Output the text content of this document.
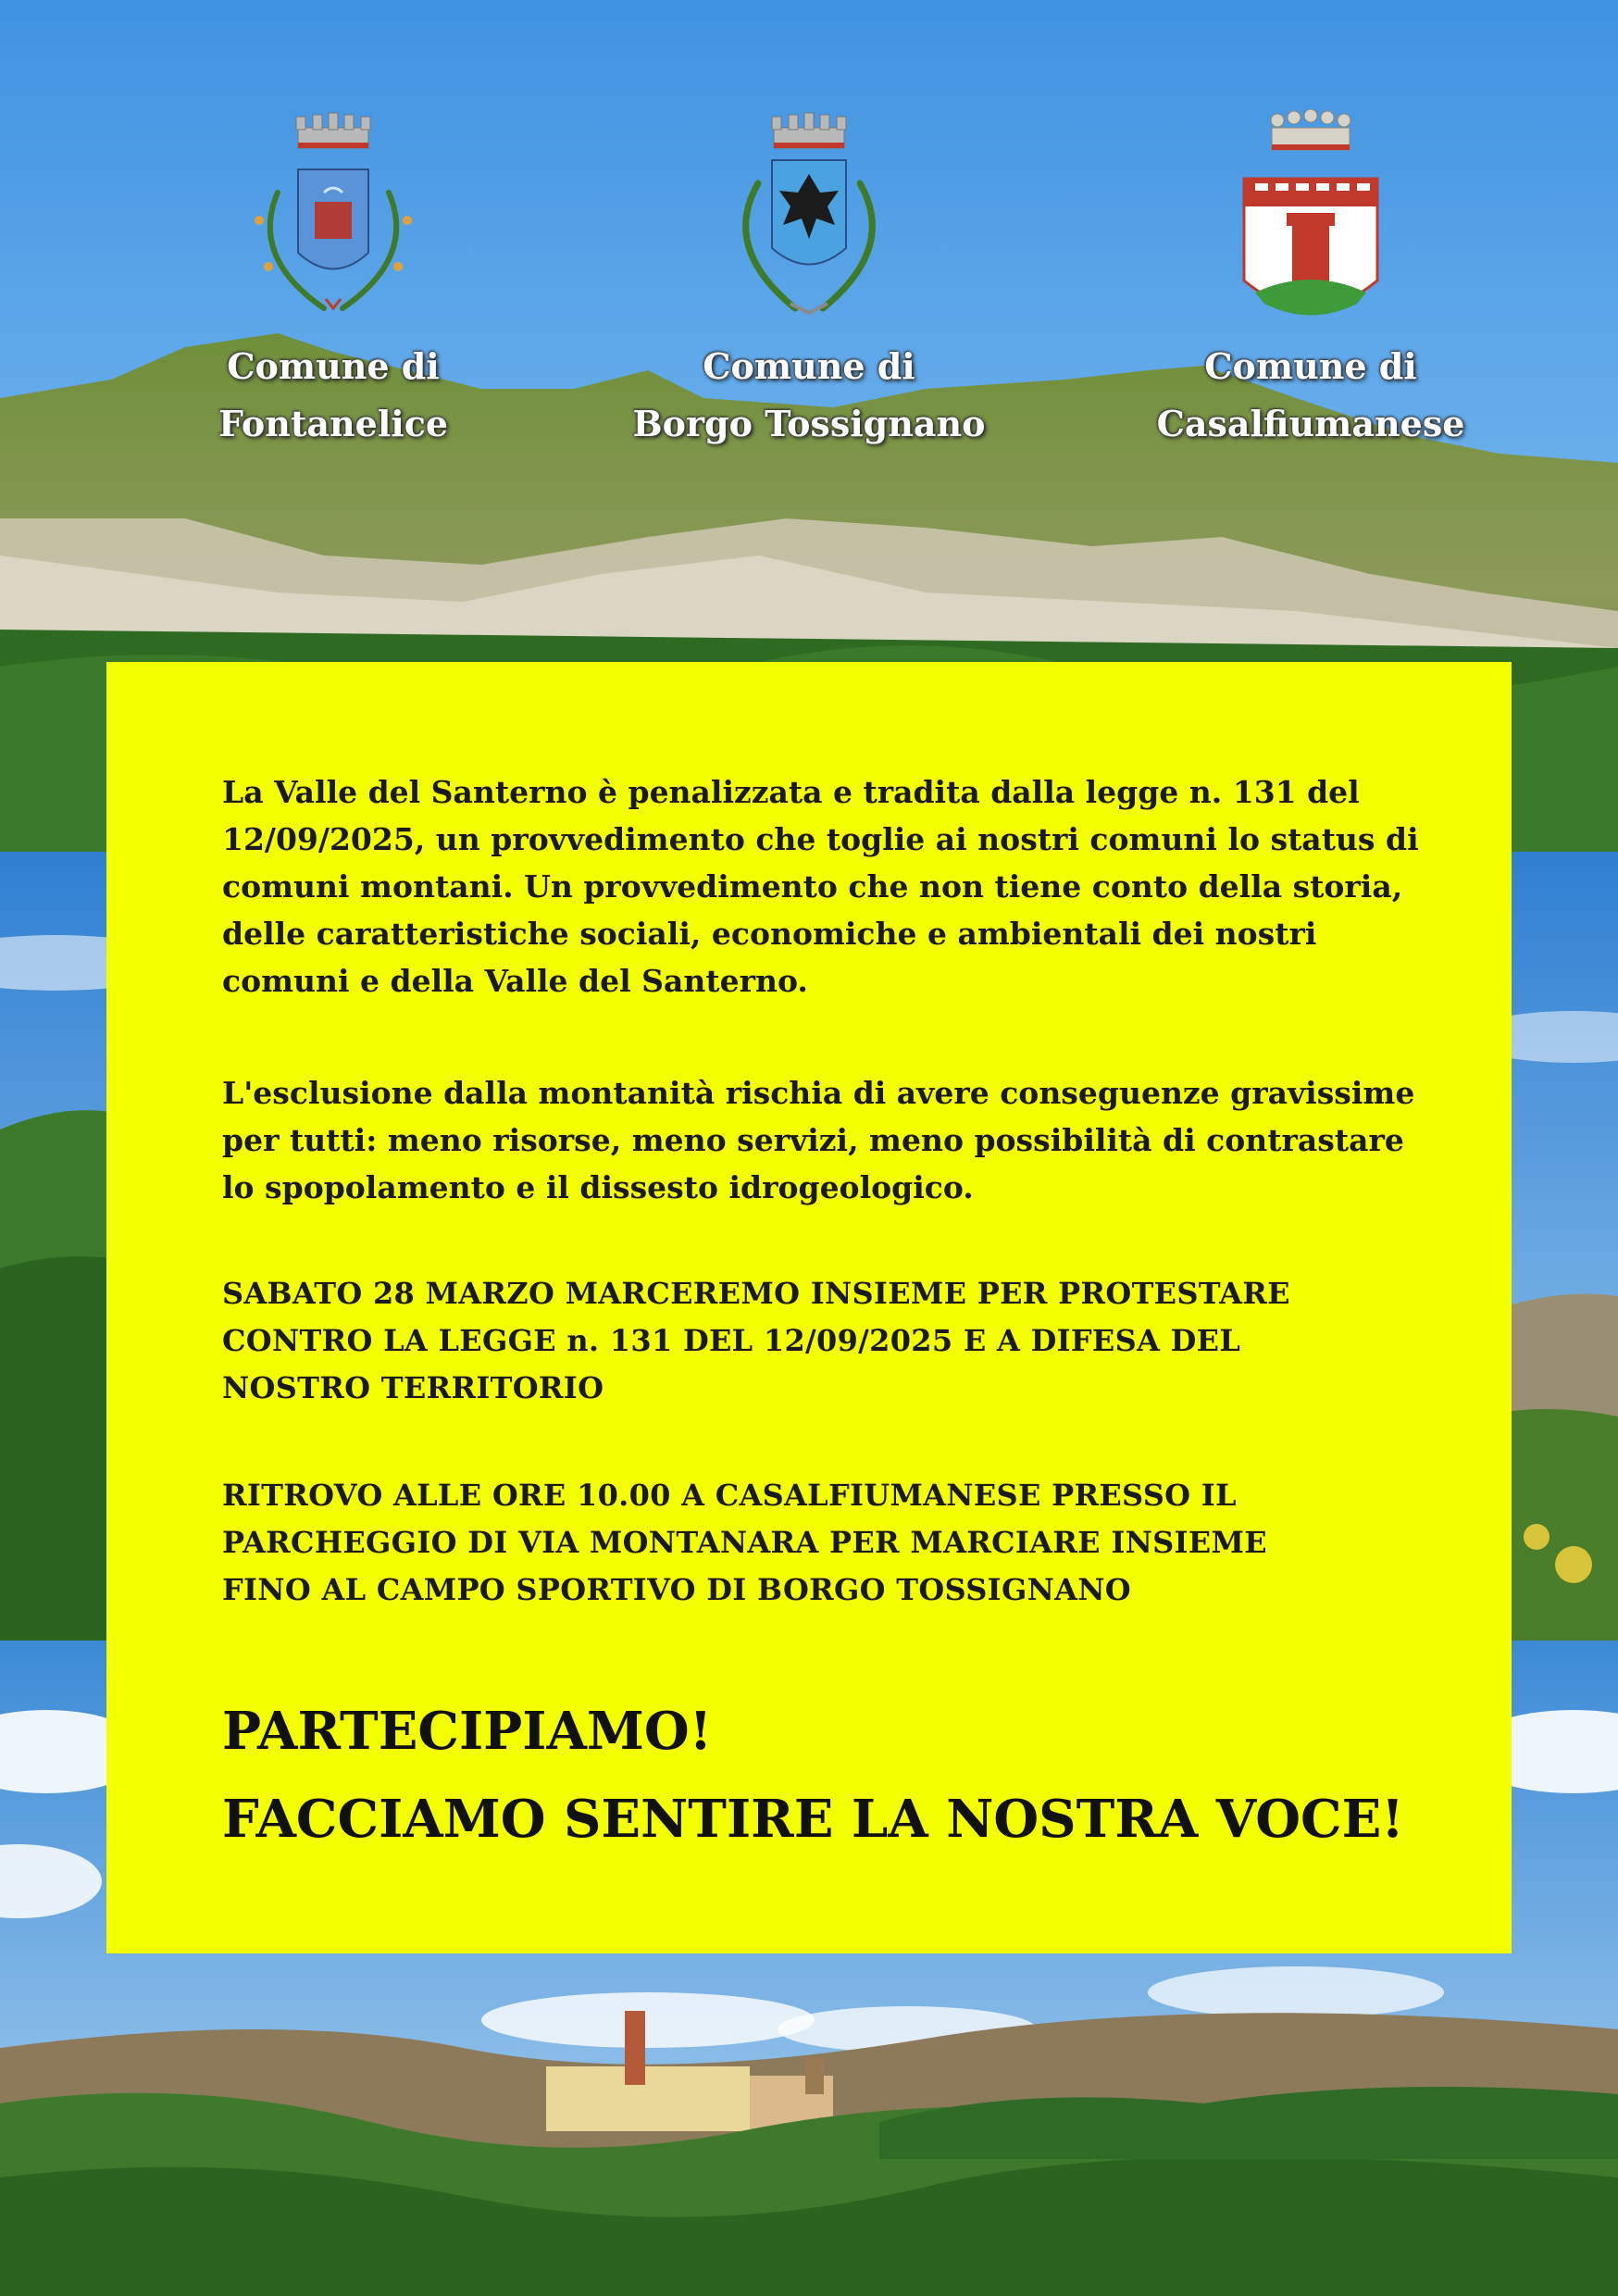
Comune di
Fontanelice
Comune di
Borgo Tossignano
Comune di
Casalfiumanese

La Valle del Santerno è penalizzata e tradita dalla legge n. 131 del
12/09/2025, un provvedimento che toglie ai nostri comuni lo status di
comuni montani. Un provvedimento che non tiene conto della storia,
delle caratteristiche sociali, economiche e ambientali dei nostri
comuni e della Valle del Santerno.

L'esclusione dalla montanità rischia di avere conseguenze gravissime
per tutti: meno risorse, meno servizi, meno possibilità di contrastare
lo spopolamento e il dissesto idrogeologico.

SABATO 28 MARZO MARCEREMO INSIEME PER PROTESTARE
CONTRO LA LEGGE n. 131 DEL 12/09/2025 E A DIFESA DEL
NOSTRO TERRITORIO

RITROVO ALLE ORE 10.00 A CASALFIUMANESE PRESSO IL
PARCHEGGIO DI VIA MONTANARA PER MARCIARE INSIEME
FINO AL CAMPO SPORTIVO DI BORGO TOSSIGNANO

PARTECIPIAMO!

FACCIAMO SENTIRE LA NOSTRA VOCE!
